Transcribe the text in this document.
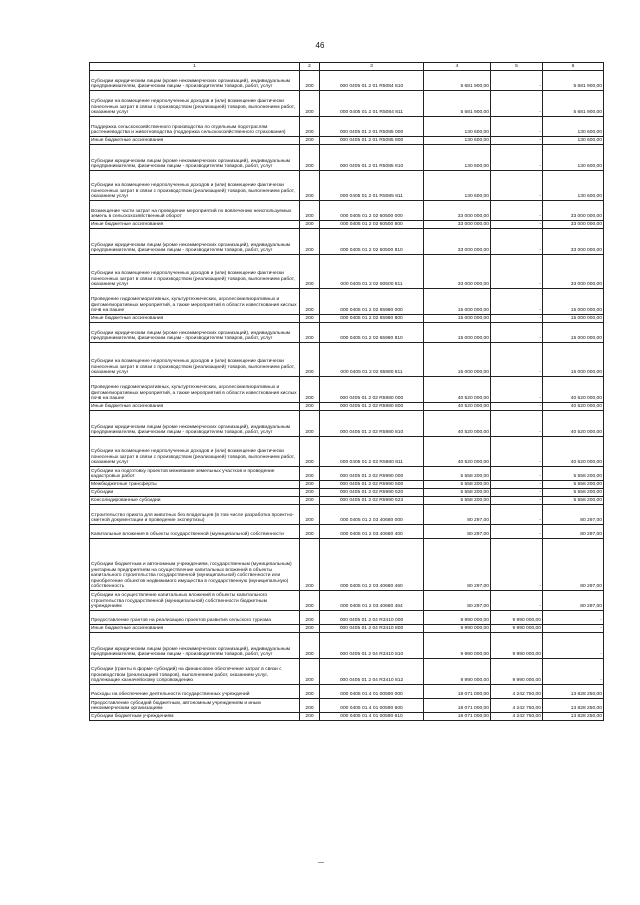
46
1	2	3	4	5	6
Субсидии юридическим лицам (кроме некоммерческих организаций), индивидуальным предпринимателям, физическим лицам - производителям товаров, работ, услуг	200	000 0405 01 2 01 R5084 810	5 681 900,00	-	5 681 900,00
Субсидии на возмещение недополученных доходов и (или) возмещение фактически понесенных затрат в связи с производством (реализацией) товаров, выполнением работ, оказанием услуг	200	000 0405 01 2 01 R5084 811	5 681 900,00	-	5 681 900,00
Поддержка сельскохозяйственного производства по отдельным подотраслям растениеводства и животноводства (поддержка сельскохозяйственного страхования)	200	000 0405 01 2 01 R5085 000	130 600,00	-	130 600,00
Иные бюджетные ассигнования	200	000 0405 01 2 01 R5085 800	130 600,00	-	130 600,00
Субсидии юридическим лицам (кроме некоммерческих организаций), индивидуальным предпринимателям, физическим лицам - производителям товаров, работ, услуг	200	000 0405 01 2 01 R5085 810	130 600,00	-	130 600,00
Субсидии на возмещение недополученных доходов и (или) возмещение фактически понесенных затрат в связи с производством (реализацией) товаров, выполнением работ, оказанием услуг	200	000 0405 01 2 01 R5085 811	130 600,00	-	130 600,00
Возмещение части затрат на проведение мероприятий по вовлечению неиспользуемых земель в сельскохозяйственный оборот	200	000 0405 01 2 02 60500 000	33 000 000,00	-	33 000 000,00
Иные бюджетные ассигнования	200	000 0405 01 2 02 60500 800	33 000 000,00	-	33 000 000,00
Субсидии юридическим лицам (кроме некоммерческих организаций), индивидуальным предпринимателям, физическим лицам - производителям товаров, работ, услуг	200	000 0405 01 2 02 60500 810	33 000 000,00	-	33 000 000,00
Субсидии на возмещение недополученных доходов и (или) возмещение фактически понесенных затрат в связи с производством (реализацией) товаров, выполнением работ, оказанием услуг	200	000 0405 01 2 02 60500 811	33 000 000,00	-	33 000 000,00
Проведение гидромелиоративных, культуртехнических, агролесомелиоративных и фитомелиоративных мероприятий, а также мероприятий в области известкования кислых почв на пашне	200	000 0405 01 2 02 65980 000	15 000 000,00	-	15 000 000,00
Иные бюджетные ассигнования	200	000 0405 01 2 02 65980 800	15 000 000,00	-	15 000 000,00
Субсидии юридическим лицам (кроме некоммерческих организаций), индивидуальным предпринимателям, физическим лицам - производителям товаров, работ, услуг	200	000 0405 01 2 02 65980 810	15 000 000,00	-	15 000 000,00
Субсидии на возмещение недополученных доходов и (или) возмещение фактически понесенных затрат в связи с производством (реализацией) товаров, выполнением работ, оказанием услуг	200	000 0405 01 2 02 65980 811	15 000 000,00	-	15 000 000,00
Проведение гидромелиоративных, культуртехнических, агролесомелиоративных и фитомелиоративных мероприятий, а также мероприятий в области известкования кислых почв на пашне	200	000 0405 01 2 02 R5980 000	40 520 000,00	-	40 520 000,00
Иные бюджетные ассигнования	200	000 0405 01 2 02 R5980 800	40 520 000,00	-	40 520 000,00
Субсидии юридическим лицам (кроме некоммерческих организаций), индивидуальным предпринимателям, физическим лицам - производителям товаров, работ, услуг	200	000 0405 01 2 02 R5980 810	40 520 000,00	-	40 520 000,00
Субсидии на возмещение недополученных доходов и (или) возмещение фактически понесенных затрат в связи с производством (реализацией) товаров, выполнением работ, оказанием услуг	200	000 0405 01 2 02 R5980 811	40 520 000,00	-	40 520 000,00
Субсидии на подготовку проектов межевания земельных участков и проведение кадастровых работ	200	000 0405 01 2 02 R5990 000	5 558 200,00	-	5 558 200,00
Межбюджетные трансферты	200	000 0405 01 2 02 R5990 500	5 558 200,00	-	5 558 200,00
Субсидии	200	000 0405 01 2 02 R5990 520	5 558 200,00	-	5 558 200,00
Консолидированные субсидии	200	000 0405 01 2 02 R5990 523	5 558 200,00	-	5 558 200,00
Строительство приюта для животных без владельцев (в том числе разработка проектно-сметной документации и проведение экспертизы)	200	000 0405 01 2 03 40680 000	80 297,00	-	80 297,00
Капитальные вложения в объекты государственной (муниципальной) собственности	200	000 0405 01 2 03 40680 400	80 297,00	-	80 297,00
Субсидии бюджетным и автономным учреждениям, государственным (муниципальным) унитарным предприятиям на осуществление капитальных вложений в объекты капитального строительства государственной (муниципальной) собственности или приобретение объектов недвижимого имущества в государственную (муниципальную) собственность	200	000 0405 01 2 03 40680 460	80 297,00	-	80 297,00
Субсидии на осуществление капитальных вложений в объекты капитального строительства государственной (муниципальной) собственности бюджетным учреждениям	200	000 0405 01 2 03 40680 464	80 297,00	-	80 297,00
Предоставление грантов на реализацию проектов развития сельского туризма	200	000 0405 01 2 04 R3410 000	9 990 000,00	9 990 000,00	-
Иные бюджетные ассигнования	200	000 0405 01 2 04 R3410 800	9 990 000,00	9 990 000,00	-
Субсидии юридическим лицам (кроме некоммерческих организаций), индивидуальным предпринимателям, физическим лицам - производителям товаров, работ, услуг	200	000 0405 01 2 04 R3410 810	9 990 000,00	9 990 000,00	-
Субсидии (гранты в форме субсидий) на финансовое обеспечение затрат в связи с производством (реализацией товаров), выполнением работ, оказанием услуг, подлежащие казначейскому сопровождению	200	000 0405 01 2 04 R3410 812	9 990 000,00	9 990 000,00	-
Расходы на обеспечение деятельности государственных учреждений	200	000 0405 01 4 01 00590 000	18 071 000,00	4 242 750,00	13 828 250,00
Предоставление субсидий бюджетным, автономным учреждениям и иным некоммерческим организациям	200	000 0405 01 4 01 00590 600	18 071 000,00	4 242 750,00	13 828 250,00
Субсидии бюджетным учреждениям	200	000 0405 01 4 01 00590 610	18 071 000,00	4 242 750,00	13 828 250,00
